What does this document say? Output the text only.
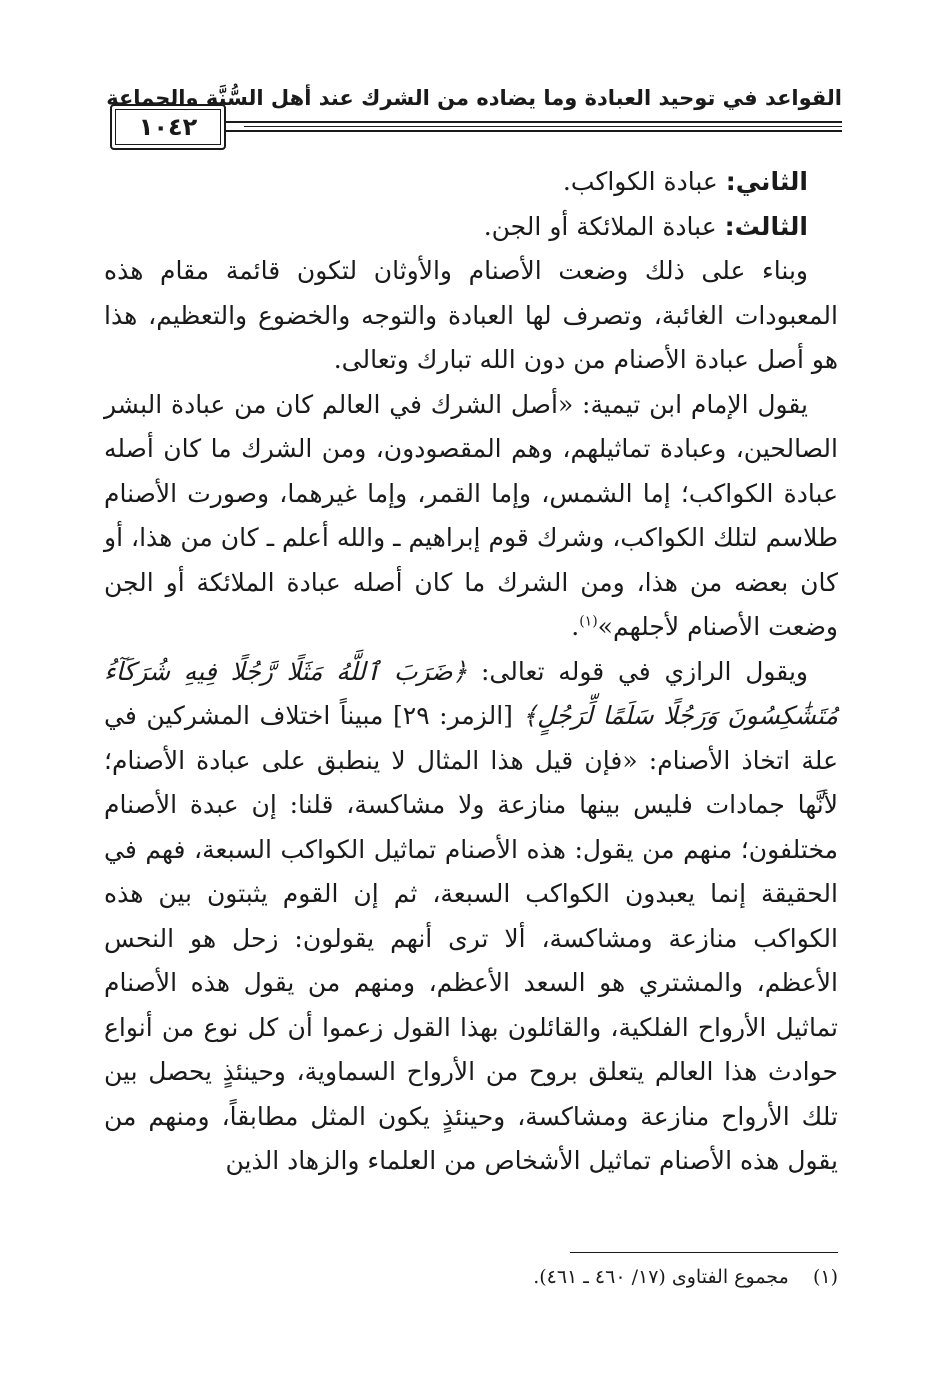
القواعد في توحيد العبادة وما يضاده من الشرك عند أهل السُّنَّة والجماعة
١٠٤٢

الثاني: عبادة الكواكب.

الثالث: عبادة الملائكة أو الجن.

وبناء على ذلك وضعت الأصنام والأوثان لتكون قائمة مقام هذه المعبودات الغائبة، وتصرف لها العبادة والتوجه والخضوع والتعظيم، هذا هو أصل عبادة الأصنام من دون الله تبارك وتعالى.

يقول الإمام ابن تيمية: «أصل الشرك في العالم كان من عبادة البشر الصالحين، وعبادة تماثيلهم، وهم المقصودون، ومن الشرك ما كان أصله عبادة الكواكب؛ إما الشمس، وإما القمر، وإما غيرهما، وصورت الأصنام طلاسم لتلك الكواكب، وشرك قوم إبراهيم ـ والله أعلم ـ كان من هذا، أو كان بعضه من هذا، ومن الشرك ما كان أصله عبادة الملائكة أو الجن وضعت الأصنام لأجلهم»$^{(١)}$.

ويقول الرازي في قوله تعالى: ﴿ضَرَبَ ٱللَّهُ مَثَلًا رَّجُلًا فِيهِ شُرَكَآءُ مُتَشَٰكِسُونَ وَرَجُلًا سَلَمًا لِّرَجُلٍ﴾ [الزمر: ٢٩] مبيناً اختلاف المشركين في علة اتخاذ الأصنام: «فإن قيل هذا المثال لا ينطبق على عبادة الأصنام؛ لأنَّها جمادات فليس بينها منازعة ولا مشاكسة، قلنا: إن عبدة الأصنام مختلفون؛ منهم من يقول: هذه الأصنام تماثيل الكواكب السبعة، فهم في الحقيقة إنما يعبدون الكواكب السبعة، ثم إن القوم يثبتون بين هذه الكواكب منازعة ومشاكسة، ألا ترى أنهم يقولون: زحل هو النحس الأعظم، والمشتري هو السعد الأعظم، ومنهم من يقول هذه الأصنام تماثيل الأرواح الفلكية، والقائلون بهذا القول زعموا أن كل نوع من أنواع حوادث هذا العالم يتعلق بروح من الأرواح السماوية، وحينئذٍ يحصل بين تلك الأرواح منازعة ومشاكسة، وحينئذٍ يكون المثل مطابقاً، ومنهم من يقول هذه الأصنام تماثيل الأشخاص من العلماء والزهاد الذين

(١)    مجموع الفتاوى (١٧/ ٤٦٠ ـ ٤٦١).
